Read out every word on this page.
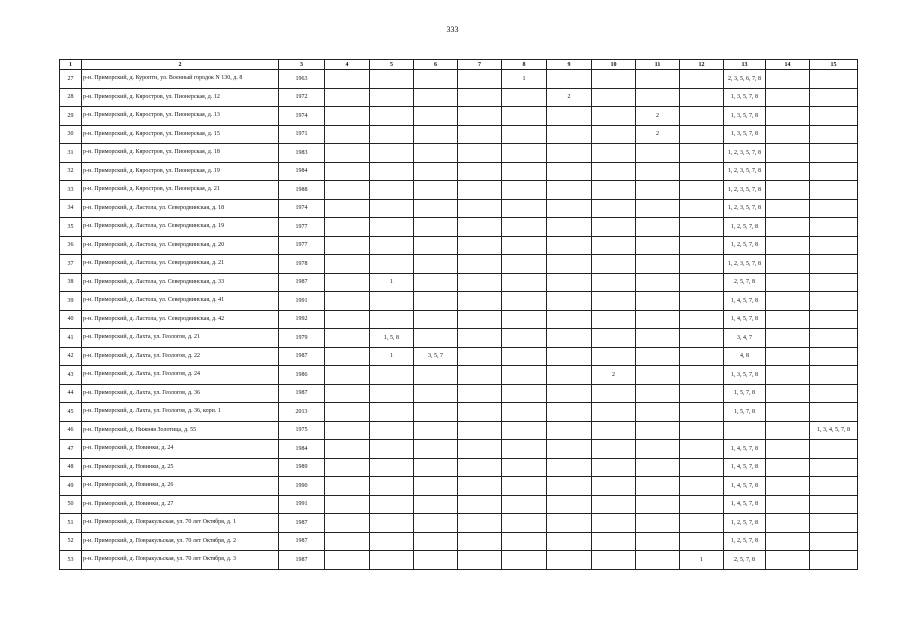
333
1	2	3	4	5	6	7	8	9	10	11	12	13	14	15
27	р-н. Приморский, д. Куроптн, ул. Военный городок N 130, д. 8	1963					1					2, 3, 5, 6, 7, 8		
28	р-н. Приморский, д. Кяростров, ул. Пионерская, д. 12	1972						2				1, 3, 5, 7, 8		
29	р-н. Приморский, д. Кяростров, ул. Пионерская, д. 13	1974								2		1, 3, 5, 7, 8		
30	р-н. Приморский, д. Кяростров, ул. Пионерская, д. 15	1971								2		1, 3, 5, 7, 8		
31	р-н. Приморский, д. Кяростров, ул. Пионерская, д. 18	1983										1, 2, 3, 5, 7, 8		
32	р-н. Приморский, д. Кяростров, ул. Пионерская, д. 19	1984										1, 2, 3, 5, 7, 8		
33	р-н. Приморский, д. Кяростров, ул. Пионерская, д. 21	1988										1, 2, 3, 5, 7, 8		
34	р-н. Приморский, д. Ластола, ул. Северодвинская, д. 18	1974										1, 2, 3, 5, 7, 8		
35	р-н. Приморский, д. Ластола, ул. Северодвинская, д. 19	1977										1, 2, 5, 7, 8		
36	р-н. Приморский, д. Ластола, ул. Северодвинская, д. 20	1977										1, 2, 5, 7, 8		
37	р-н. Приморский, д. Ластола, ул. Северодвинская, д. 21	1978										1, 2, 3, 5, 7, 8		
38	р-н. Приморский, д. Ластола, ул. Северодвинская, д. 33	1987		1								2, 5, 7, 8		
39	р-н. Приморский, д. Ластола, ул. Северодвинская, д. 41	1991										1, 4, 5, 7, 8		
40	р-н. Приморский, д. Ластола, ул. Северодвинская, д. 42	1992										1, 4, 5, 7, 8		
41	р-н. Приморский, д. Лахта, ул. Геологов, д. 21	1979		1, 5, 8								3, 4, 7		
42	р-н. Приморский, д. Лахта, ул. Геологов, д. 22	1987		1	3, 5, 7							4, 8		
43	р-н. Приморский, д. Лахта, ул. Геологов, д. 24	1986							2			1, 3, 5, 7, 8		
44	р-н. Приморский, д. Лахта, ул. Геологов, д. 36	1987										1, 5, 7, 8		
45	р-н. Приморский, д. Лахта, ул. Геологов, д. 36, корп. 1	2013										1, 5, 7, 8		
46	р-н. Приморский, д. Нижняя Золотица, д. 55	1975												1, 3, 4, 5, 7, 8
47	р-н. Приморский, д. Новинки, д. 24	1984										1, 4, 5, 7, 8		
48	р-н. Приморский, д. Новинки, д. 25	1989										1, 4, 5, 7, 8		
49	р-н. Приморский, д. Новинки, д. 26	1990										1, 4, 5, 7, 8		
50	р-н. Приморский, д. Новинки, д. 27	1991										1, 4, 5, 7, 8		
51	р-н. Приморский, д. Повракульская, ул. 70 лет Октября, д. 1	1987										1, 2, 5, 7, 8		
52	р-н. Приморский, д. Повракульская, ул. 70 лет Октября, д. 2	1987										1, 2, 5, 7, 8		
53	р-н. Приморский, д. Повракульская, ул. 70 лет Октября, д. 3	1987									1	2, 5, 7, 8		
